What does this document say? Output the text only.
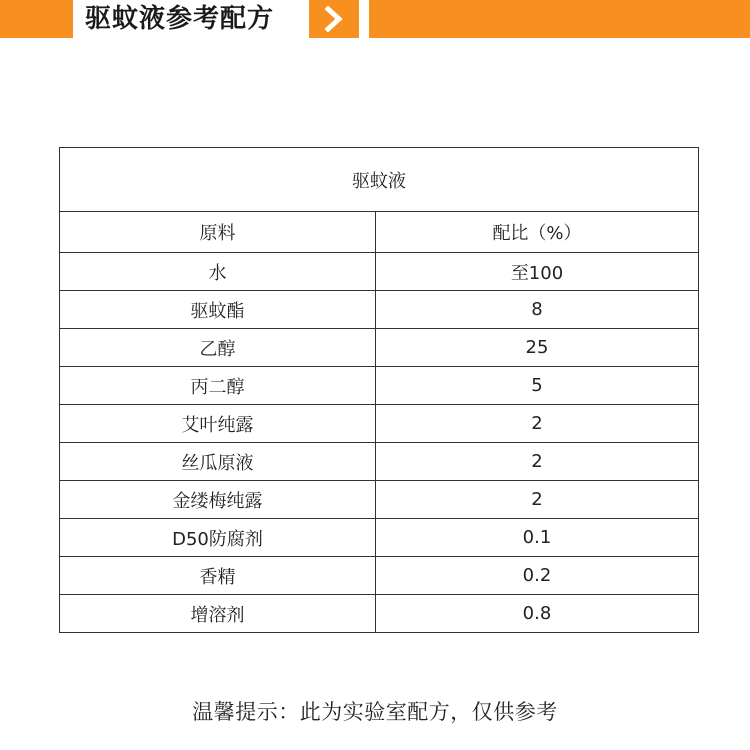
驱蚊液参考配方
驱蚊液	
原料	配比（%）
水	至100
驱蚊酯	8
乙醇	25
丙二醇	5
艾叶纯露	2
丝瓜原液	2
金缕梅纯露	2
D50防腐剂	0.1
香精	0.2
增溶剂	0.8
温馨提示：此为实验室配方，仅供参考
